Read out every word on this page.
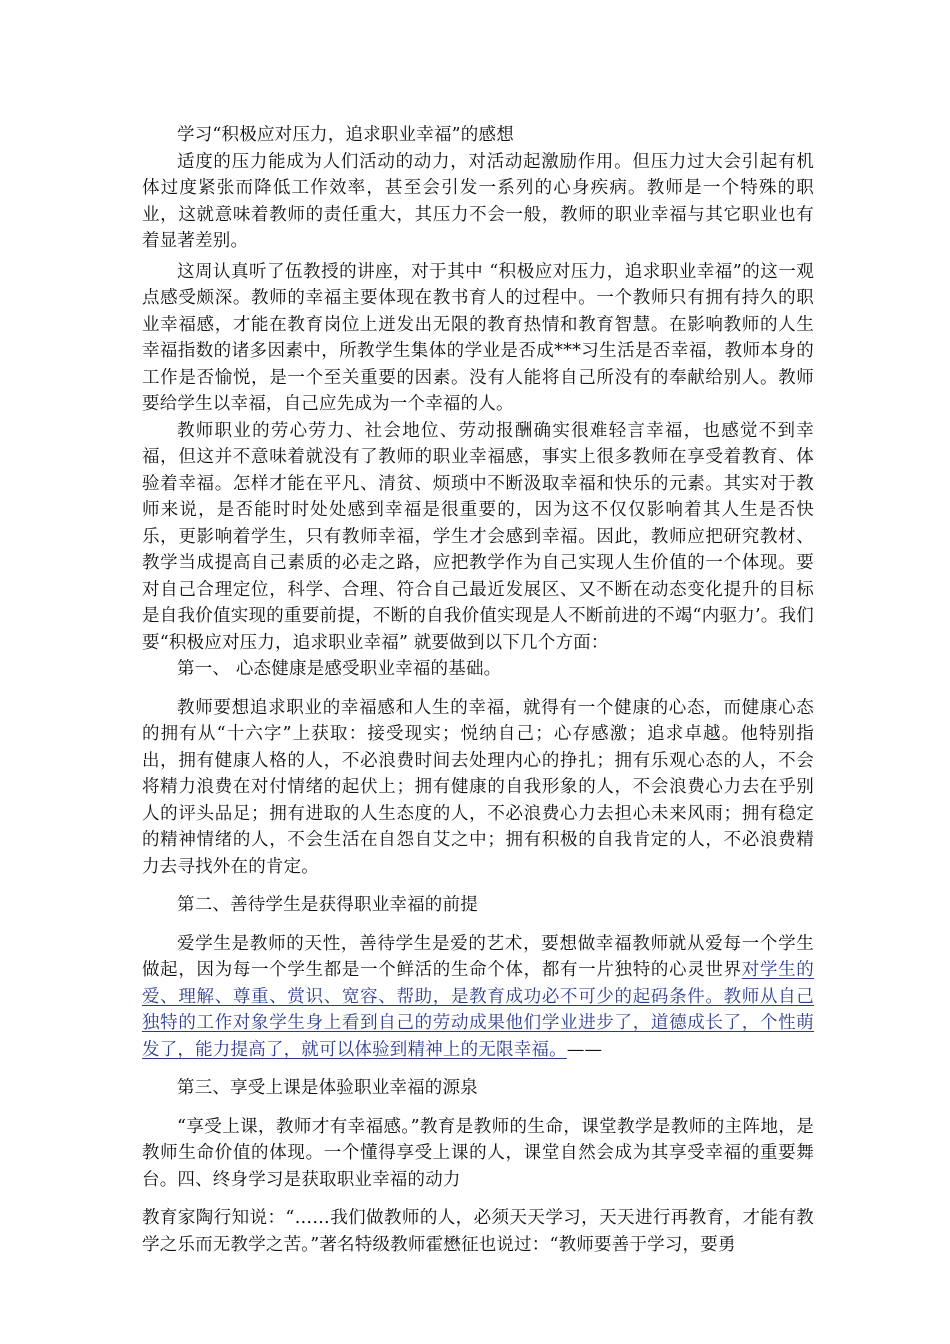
学习“积极应对压力，追求职业幸福”的感想

适度的压力能成为人们活动的动力，对活动起激励作用。但压力过大会引起有机体过度紧张而降低工作效率，甚至会引发一系列的心身疾病。教师是一个特殊的职业，这就意味着教师的责任重大，其压力不会一般，教师的职业幸福与其它职业也有着显著差别。

这周认真听了伍教授的讲座，对于其中 “积极应对压力，追求职业幸福”的这一观点感受颇深。教师的幸福主要体现在教书育人的过程中。一个教师只有拥有持久的职业幸福感，才能在教育岗位上迸发出无限的教育热情和教育智慧。在影响教师的人生幸福指数的诸多因素中，所教学生集体的学业是否成***习生活是否幸福，教师本身的工作是否愉悦，是一个至关重要的因素。没有人能将自己所没有的奉献给别人。教师要给学生以幸福，自己应先成为一个幸福的人。

教师职业的劳心劳力、社会地位、劳动报酬确实很难轻言幸福，也感觉不到幸福，但这并不意味着就没有了教师的职业幸福感，事实上很多教师在享受着教育、体验着幸福。怎样才能在平凡、清贫、烦琐中不断汲取幸福和快乐的元素。其实对于教师来说，是否能时时处处感到幸福是很重要的，因为这不仅仅影响着其人生是否快乐，更影响着学生，只有教师幸福，学生才会感到幸福。因此，教师应把研究教材、教学当成提高自己素质的必走之路，应把教学作为自己实现人生价值的一个体现。要对自己合理定位，科学、合理、符合自己最近发展区、又不断在动态变化提升的目标是自我价值实现的重要前提，不断的自我价值实现是人不断前进的不竭“内驱力’。我们要“积极应对压力，追求职业幸福” 就要做到以下几个方面：

第一、 心态健康是感受职业幸福的基础。

教师要想追求职业的幸福感和人生的幸福，就得有一个健康的心态，而健康心态的拥有从“十六字”上获取：接受现实；悦纳自己；心存感激；追求卓越。他特别指出，拥有健康人格的人，不必浪费时间去处理内心的挣扎；拥有乐观心态的人，不会将精力浪费在对付情绪的起伏上；拥有健康的自我形象的人，不会浪费心力去在乎别人的评头品足；拥有进取的人生态度的人，不必浪费心力去担心未来风雨；拥有稳定的精神情绪的人，不会生活在自怨自艾之中；拥有积极的自我肯定的人，不必浪费精力去寻找外在的肯定。

第二、善待学生是获得职业幸福的前提

爱学生是教师的天性，善待学生是爱的艺术，要想做幸福教师就从爱每一个学生做起，因为每一个学生都是一个鲜活的生命个体，都有一片独特的心灵世界对学生的爱、理解、尊重、赏识、宽容、帮助，是教育成功必不可少的起码条件。教师从自己独特的工作对象学生身上看到自己的劳动成果他们学业进步了，道德成长了，个性萌发了，能力提高了，就可以体验到精神上的无限幸福。——

第三、享受上课是体验职业幸福的源泉

“享受上课，教师才有幸福感。”教育是教师的生命，课堂教学是教师的主阵地，是教师生命价值的体现。一个懂得享受上课的人，课堂自然会成为其享受幸福的重要舞台。四、终身学习是获取职业幸福的动力

教育家陶行知说：“……我们做教师的人，必须天天学习，天天进行再教育，才能有教学之乐而无教学之苦。”著名特级教师霍懋征也说过：“教师要善于学习，要勇
